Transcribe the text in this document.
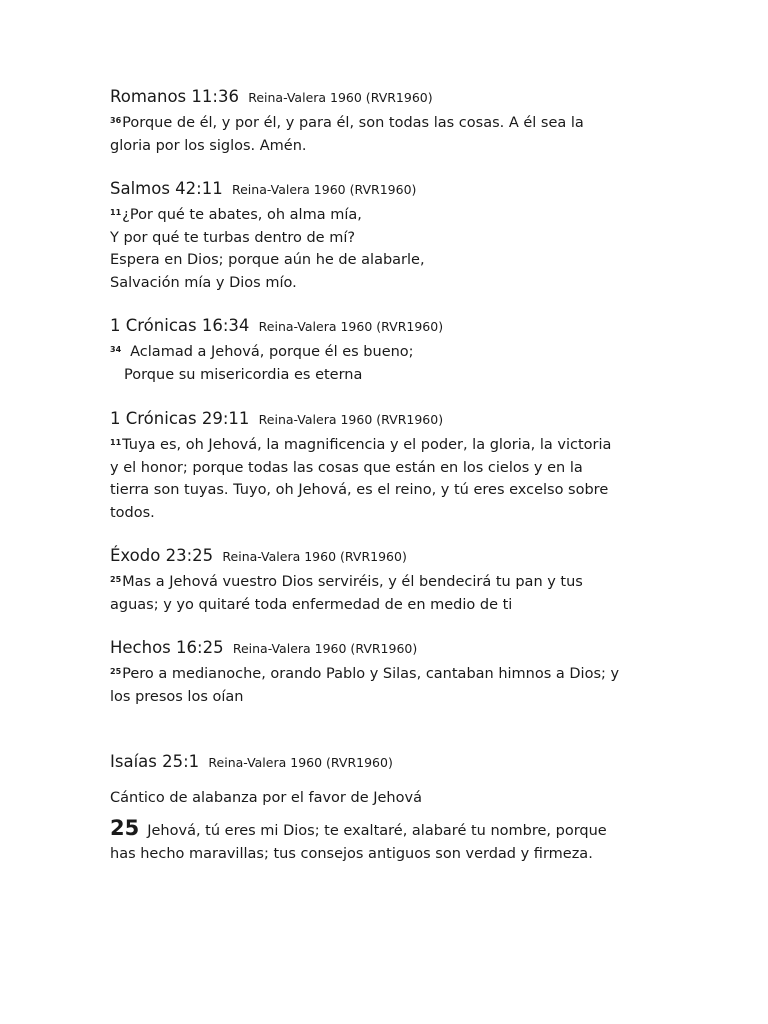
Romanos 11:36 Reina-Valera 1960 (RVR1960)
$^{36}$Porque de él, y por él, y para él, son todas las cosas. A él sea la
gloria por los siglos. Amén.
Salmos 42:11 Reina-Valera 1960 (RVR1960)
$^{11}$¿Por qué te abates, oh alma mía,
Y por qué te turbas dentro de mí?
Espera en Dios; porque aún he de alabarle,
Salvación mía y Dios mío.
1 Crónicas 16:34 Reina-Valera 1960 (RVR1960)
$^{34}$ Aclamad a Jehová, porque él es bueno;
Porque su misericordia es eterna
1 Crónicas 29:11 Reina-Valera 1960 (RVR1960)
$^{11}$Tuya es, oh Jehová, la magnificencia y el poder, la gloria, la victoria
y el honor; porque todas las cosas que están en los cielos y en la
tierra son tuyas. Tuyo, oh Jehová, es el reino, y tú eres excelso sobre
todos.
Éxodo 23:25 Reina-Valera 1960 (RVR1960)
$^{25}$Mas a Jehová vuestro Dios serviréis, y él bendecirá tu pan y tus
aguas; y yo quitaré toda enfermedad de en medio de ti
Hechos 16:25 Reina-Valera 1960 (RVR1960)
$^{25}$Pero a medianoche, orando Pablo y Silas, cantaban himnos a Dios; y
los presos los oían
Isaías 25:1 Reina-Valera 1960 (RVR1960)
Cántico de alabanza por el favor de Jehová
25 Jehová, tú eres mi Dios; te exaltaré, alabaré tu nombre, porque
has hecho maravillas; tus consejos antiguos son verdad y firmeza.
